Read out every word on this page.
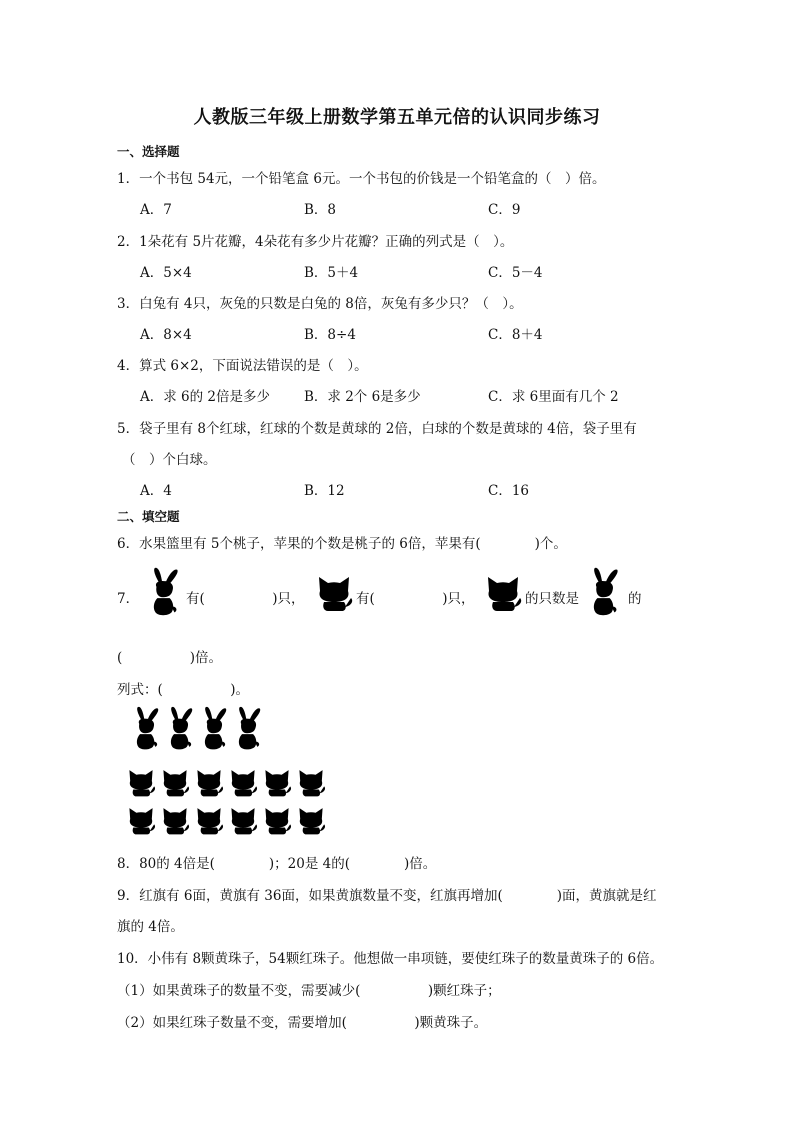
人教版三年级上册数学第五单元倍的认识同步练习
一、选择题
1．一个书包 54元，一个铅笔盒 6元。一个书包的价钱是一个铅笔盒的（　）倍。
A．7	B．8	C．9
2．1朵花有 5片花瓣，4朵花有多少片花瓣？正确的列式是（　）。
A．5×4	B．5＋4	C．5－4
3．白兔有 4只，灰兔的只数是白兔的 8倍，灰兔有多少只？（　）。
A．8×4	B．8÷4	C．8＋4
4．算式 6×2，下面说法错误的是（　）。
A．求 6的 2倍是多少	B．求 2个 6是多少	C．求 6里面有几个 2
5．袋子里有 8个红球，红球的个数是黄球的 2倍，白球的个数是黄球的 4倍，袋子里有
（　）个白球。
A．4	B．12	C．16
二、填空题
6．水果篮里有 5个桃子，苹果的个数是桃子的 6倍，苹果有(　　　　)个。
7．	有(　　　　　)只，	有(　　　　　)只，	的只数是	的
(　　　　　)倍。
列式：(　　　　　)。
8．80的 4倍是(　　　　)；20是 4的(　　　　)倍。
9．红旗有 6面，黄旗有 36面，如果黄旗数量不变，红旗再增加(　　　　)面，黄旗就是红
旗的 4倍。
10．小伟有 8颗黄珠子，54颗红珠子。他想做一串项链，要使红珠子的数量黄珠子的 6倍。
（1）如果黄珠子的数量不变，需要减少(　　　　　)颗红珠子；
（2）如果红珠子数量不变，需要增加(　　　　　)颗黄珠子。
